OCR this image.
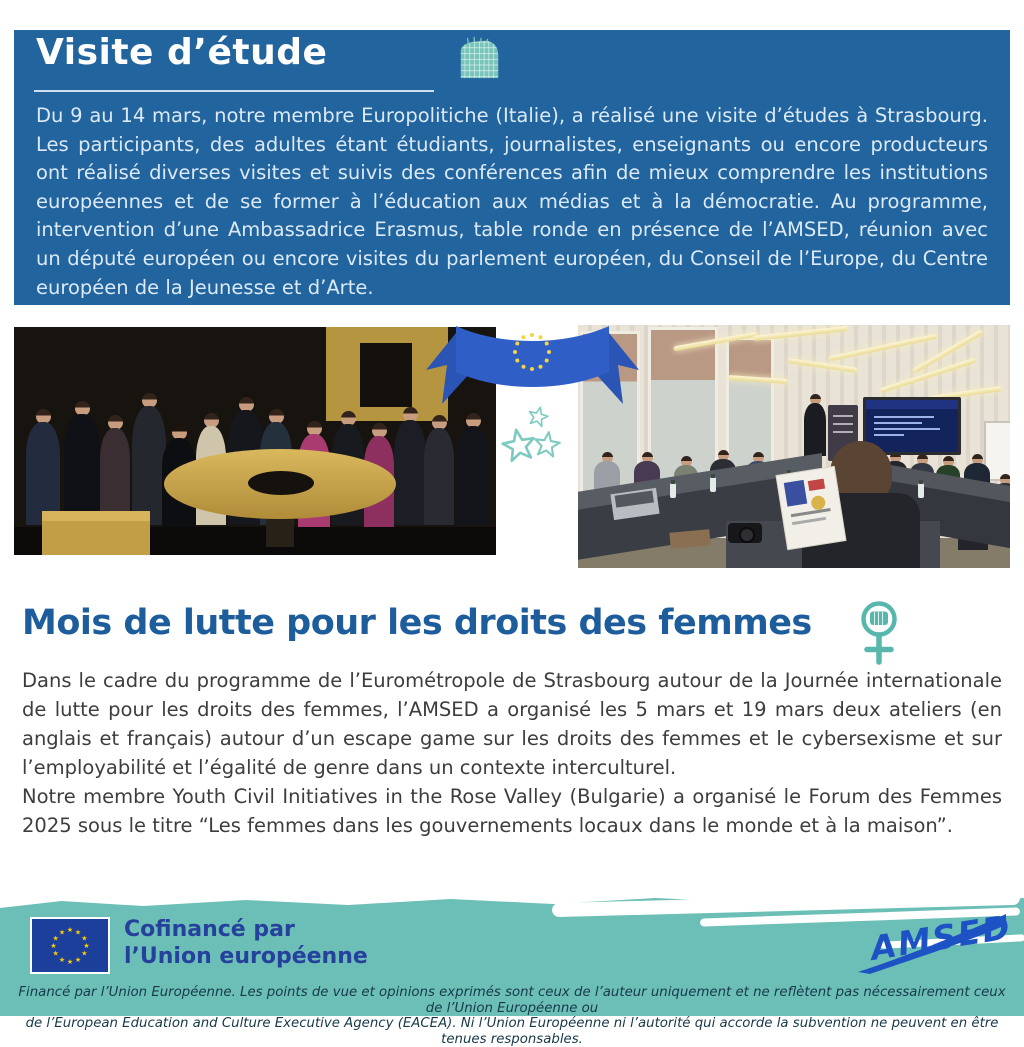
Visite d’étude
Du 9 au 14 mars, notre membre Europolitiche (Italie), a réalisé une visite d’études à Strasbourg. Les participants, des adultes étant étudiants, journalistes, enseignants ou encore producteurs ont réalisé diverses visites et suivis des conférences afin de mieux comprendre les institutions européennes et de se former à l’éducation aux médias et à la démocratie. Au programme, intervention d’une Ambassadrice Erasmus, table ronde en présence de l’AMSED, réunion avec un député européen ou encore visites du parlement européen, du Conseil de l’Europe, du Centre européen de la Jeunesse et d’Arte.
Mois de lutte pour les droits des femmes

Dans le cadre du programme de l’Eurométropole de Strasbourg autour de la Journée internationale de lutte pour les droits des femmes, l’AMSED a organisé les 5 mars et 19 mars deux ateliers (en anglais et français) autour d’un escape game sur les droits des femmes et le cybersexisme et sur l’employabilité et l’égalité de genre dans un contexte interculturel.

Notre membre Youth Civil Initiatives in the Rose Valley (Bulgarie) a organisé le Forum des Femmes 2025 sous le titre “Les femmes dans les gouvernements locaux dans le monde et à la maison”.

★ ★
★
★
★
★
★
★
★
★
★
★	Cofinancé par
l’Union européenne	AMSED
Financé par l’Union Européenne. Les points de vue et opinions exprimés sont ceux de l’auteur uniquement et ne reflètent pas nécessairement ceux de l’Union Européenne ou
de l’European Education and Culture Executive Agency (EACEA). Ni l’Union Européenne ni l’autorité qui accorde la subvention ne peuvent en être tenues responsables.
